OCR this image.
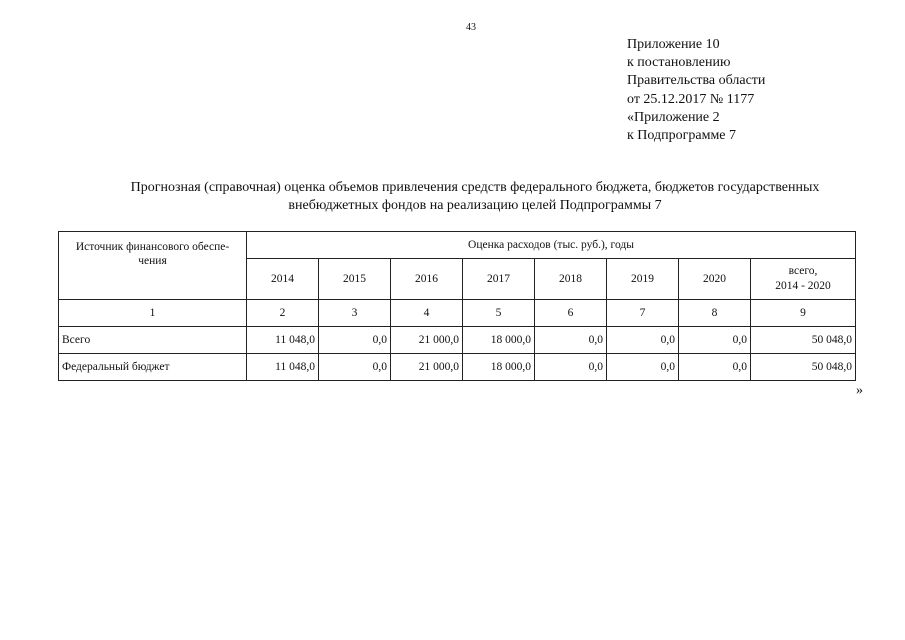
43
Приложение 10
к постановлению
Правительства области
от 25.12.2017 № 1177
«Приложение 2
к Подпрограмме 7
Прогнозная (справочная) оценка объемов привлечения средств федерального бюджета, бюджетов государственных
внебюджетных фондов на реализацию целей Подпрограммы 7
Источник финансового обеспе-
чения	Оценка расходов (тыс. руб.), годы							
	2014	2015	2016	2017	2018	2019	2020	всего,
2014 - 2020

1	2	3	4	5	6	7	8	9
Всего	11 048,0	0,0	21 000,0	18 000,0	0,0	0,0	0,0	50 048,0
Федеральный бюджет	11 048,0	0,0	21 000,0	18 000,0	0,0	0,0	0,0	50 048,0
»
